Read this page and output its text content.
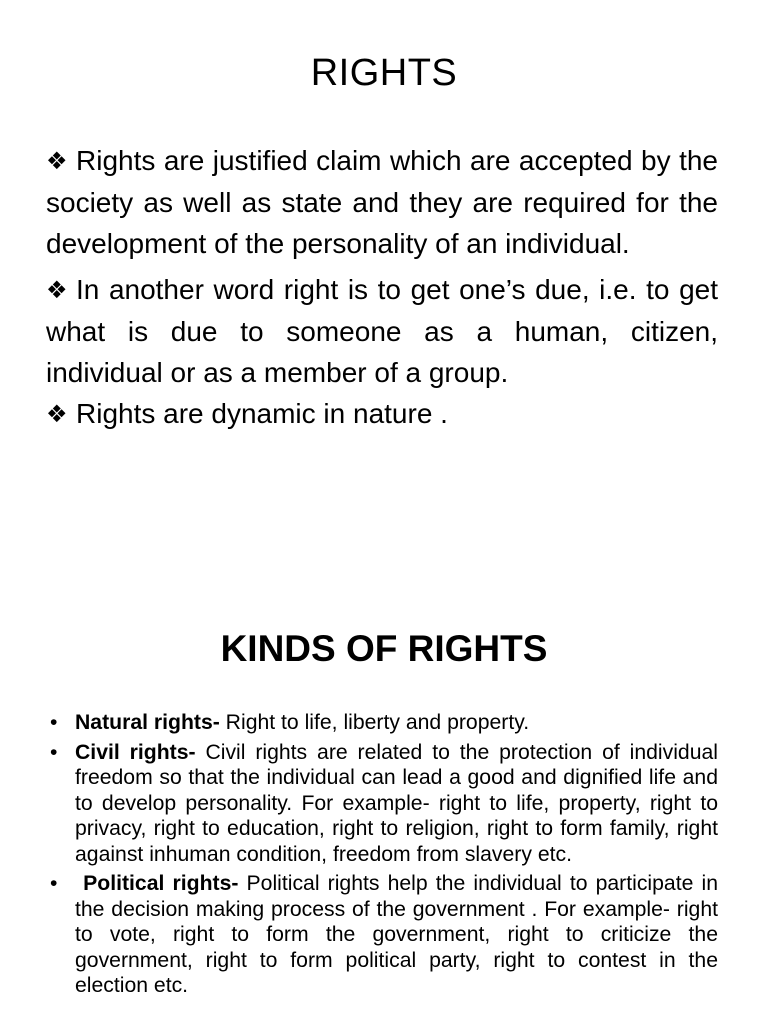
RIGHTS
❖ Rights are justified claim which are accepted by the society as well as state and they are required for the development of the personality of an individual.
❖ In another word right is to get one’s due, i.e. to get what is due to someone as a human, citizen, individual or as a member of a group.
❖ Rights are dynamic in nature .
KINDS OF RIGHTS
• Natural rights- Right to life, liberty and property.
• Civil rights- Civil rights are related to the protection of individual freedom so that the individual can lead a good and dignified life and to develop personality. For example- right to life, property, right to privacy, right to education, right to religion, right to form family, right against inhuman condition, freedom from slavery etc.
• Political rights- Political rights help the individual to participate in the decision making process of the government . For example- right to vote, right to form the government, right to criticize the government, right to form political party, right to contest in the election etc.
